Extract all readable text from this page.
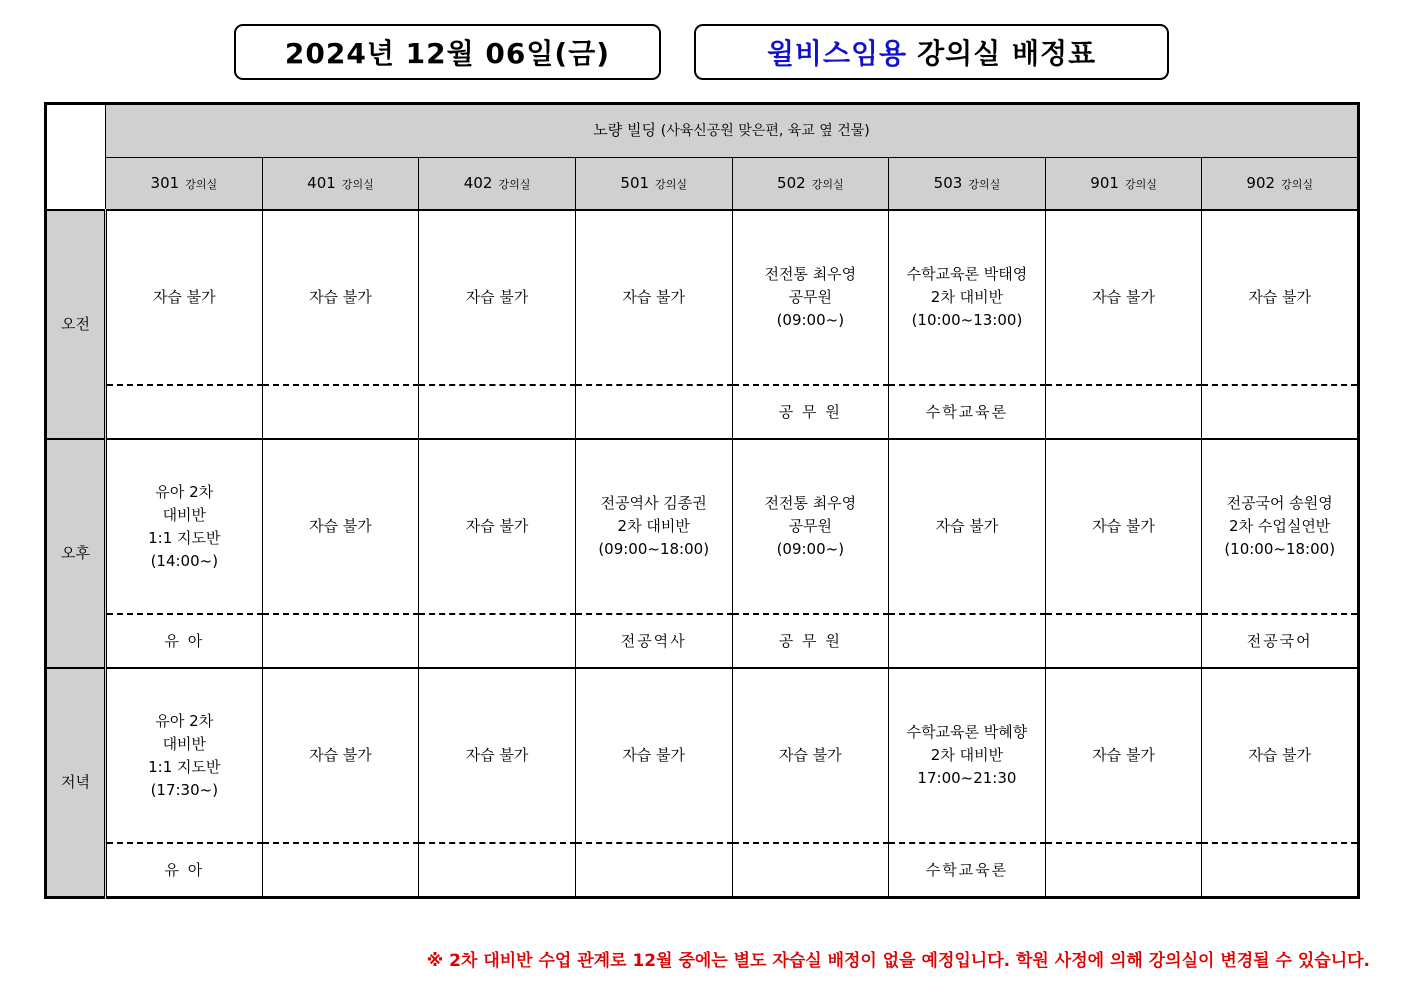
2024년 12월 06일(금)	윌비스임용 강의실 배정표
	노량 빌딩 (사육신공원 맞은편, 육교 옆 건물)							
	301 강의실	401 강의실	402 강의실	501 강의실	502 강의실	503 강의실	901 강의실	902 강의실
오전	자습 불가	자습 불가	자습 불가	자습 불가	전전통 최우영
공무원
(09:00~)	수학교육론 박태영
2차 대비반
(10:00~13:00)	자습 불가	자습 불가

					공 무 원	수학교육론		

오후	유아 2차
대비반
1:1 지도반
(14:00~)	자습 불가	자습 불가	전공역사 김종권
2차 대비반
(09:00~18:00)	전전통 최우영
공무원
(09:00~)	자습 불가	자습 불가	전공국어 송원영
2차 수업실연반
(10:00~18:00)

	유 아			전공역사	공 무 원			전공국어

저녁	유아 2차
대비반
1:1 지도반
(17:30~)	자습 불가	자습 불가	자습 불가	자습 불가	수학교육론 박혜향
2차 대비반
17:00~21:30	자습 불가	자습 불가

	유 아					수학교육론		

※ 2차 대비반 수업 관계로 12월 중에는 별도 자습실 배정이 없을 예정입니다. 학원 사정에 의해 강의실이 변경될 수 있습니다.
